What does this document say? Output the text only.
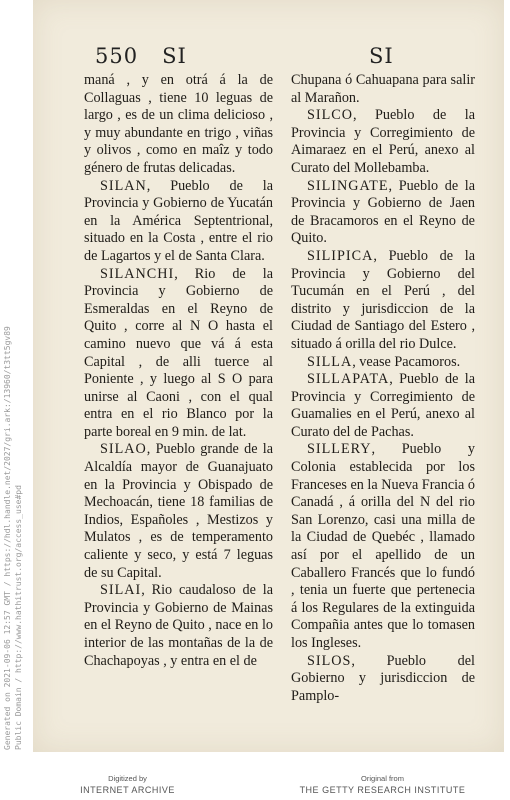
Generated on 2021-09-06 12:57 GMT / https://hdl.handle.net/2027/gri.ark:/13960/t3tt5gv89 Public Domain / http://www.hathitrust.org/access_use#pd
550 SI	SI

maná , y en otrá á la de Collaguas , tiene 10 leguas de largo , es de un clima delicioso , y muy abundante en trigo , viñas y olivos , como en maîz y todo género de frutas delicadas.

SILAN, Pueblo de la Provincia y Gobierno de Yucatán en la América Septentrional, situado en la Costa , entre el rio de Lagartos y el de Santa Clara.

SILANCHI, Rio de la Provincia y Gobierno de Esmeraldas en el Reyno de Quito , corre al N O hasta el camino nuevo que vá á esta Capital , de alli tuerce al Poniente , y luego al S O para unirse al Caoni , con el qual entra en el rio Blanco por la parte boreal en 9 min. de lat.

SILAO, Pueblo grande de la Alcaldía mayor de Guanajuato en la Provincia y Obispado de Mechoacán, tiene 18 familias de Indios, Españoles , Mestizos y Mulatos , es de temperamento caliente y seco, y está 7 leguas de su Capital.

SILAI, Rio caudaloso de la Provincia y Gobierno de Mainas en el Reyno de Quito , nace en lo interior de las montañas de la de Chachapoyas , y entra en el de

Chupana ó Cahuapana para salir al Marañon.

SILCO, Pueblo de la Provincia y Corregimiento de Aimaraez en el Perú, anexo al Curato del Mollebamba.

SILINGATE, Pueblo de la Provincia y Gobierno de Jaen de Bracamoros en el Reyno de Quito.

SILIPICA, Pueblo de la Provincia y Gobierno del Tucumán en el Perú , del distrito y jurisdiccion de la Ciudad de Santiago del Estero , situado á orilla del rio Dulce.

SILLA, vease Pacamoros.

SILLAPATA, Pueblo de la Provincia y Corregimiento de Guamalies en el Perú, anexo al Curato del de Pachas.

SILLERY, Pueblo y Colonia establecida por los Franceses en la Nueva Francia ó Canadá , á orilla del N del rio San Lorenzo, casi una milla de la Ciudad de Quebéc , llamado así por el apellido de un Caballero Francés que lo fundó , tenia un fuerte que pertenecia á los Regulares de la extinguida Compañia antes que lo tomasen los Ingleses.

SILOS, Pueblo del Gobierno y jurisdiccion de Pamplo-

Digitized by
INTERNET ARCHIVE
Original from
THE GETTY RESEARCH INSTITUTE
